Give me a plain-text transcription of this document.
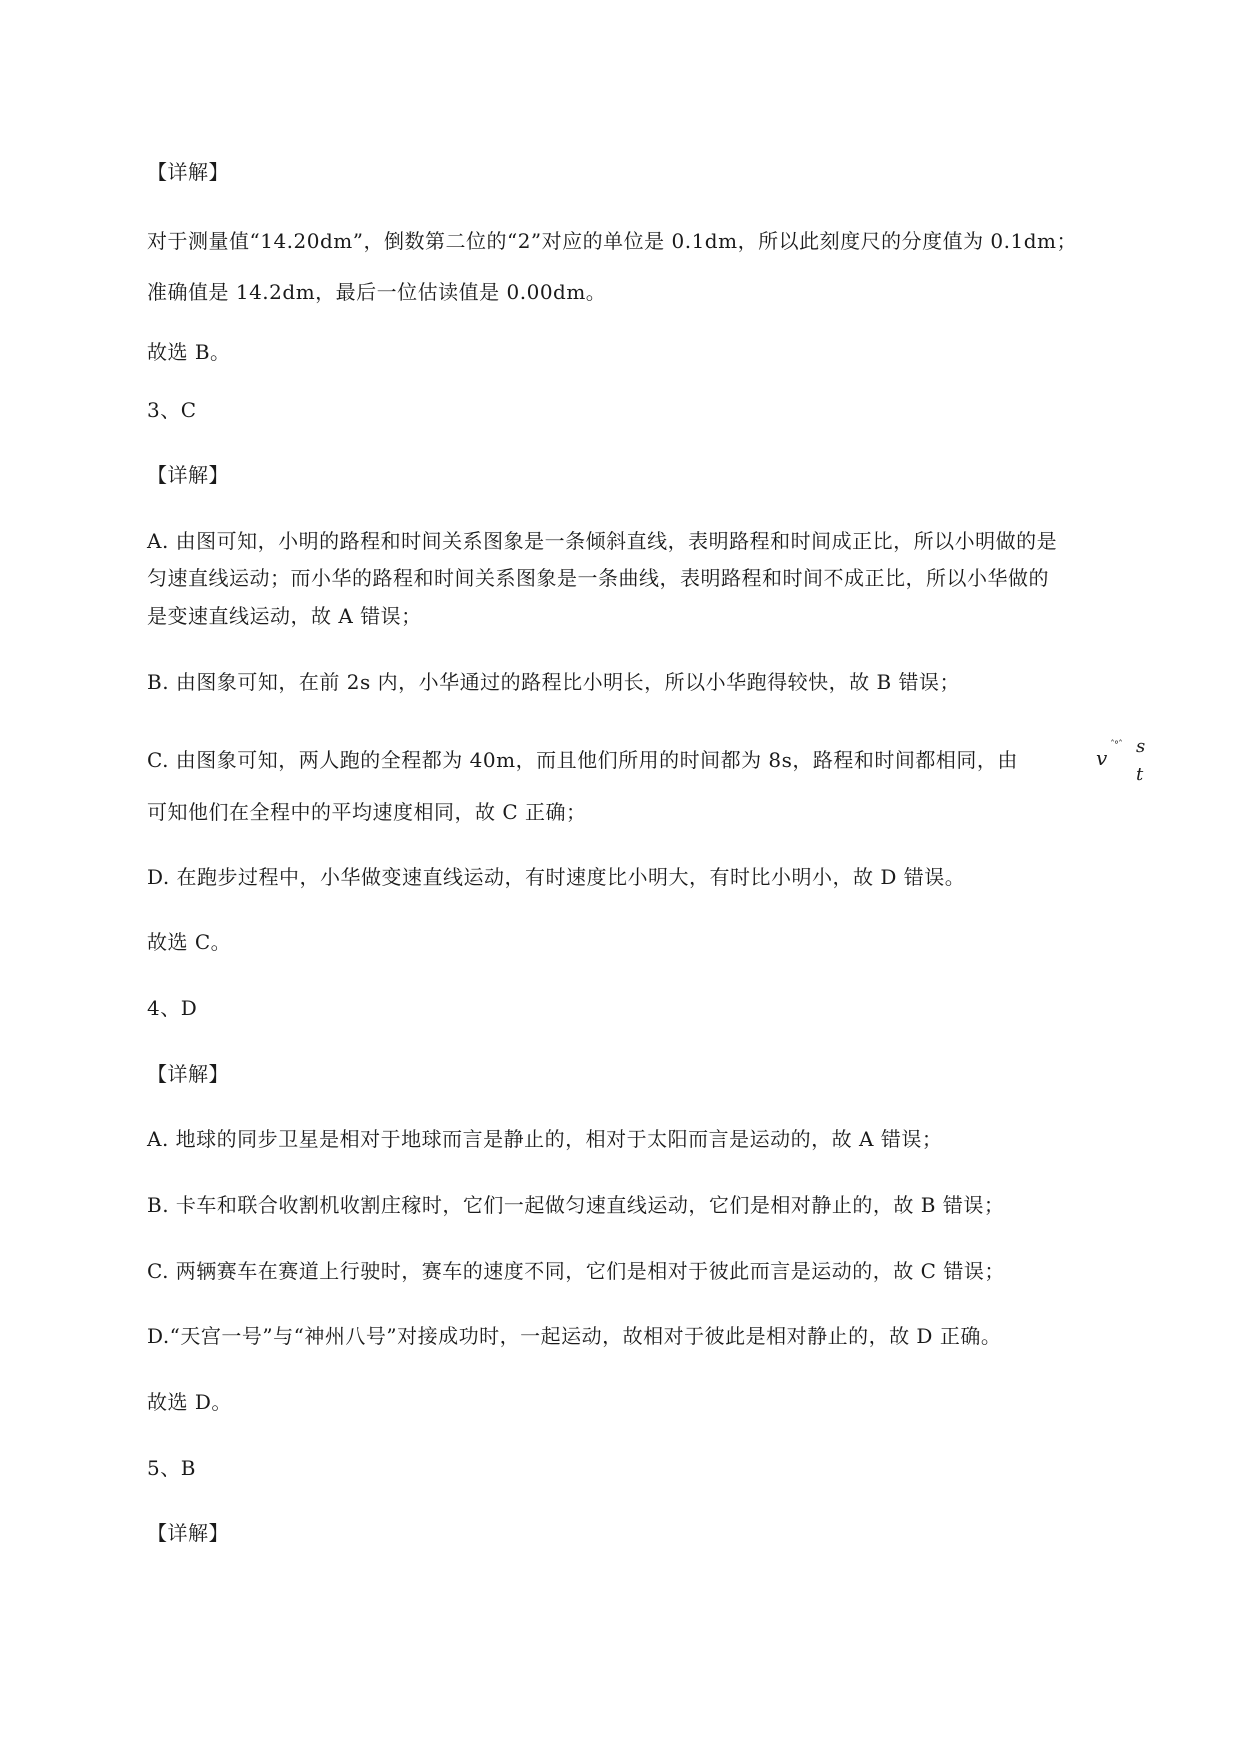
【详解】
对于测量值“14.20dm”，倒数第二位的“2”对应的单位是 0.1dm，所以此刻度尺的分度值为 0.1dm；
准确值是 14.2dm，最后一位估读值是 0.00dm。
故选 B。
3、C
【详解】
A. 由图可知，小明的路程和时间关系图象是一条倾斜直线，表明路程和时间成正比，所以小明做的是
匀速直线运动；而小华的路程和时间关系图象是一条曲线，表明路程和时间不成正比，所以小华做的
是变速直线运动，故 A 错误；
B. 由图象可知，在前 2s 内，小华通过的路程比小明长，所以小华跑得较快，故 B 错误；
C. 由图象可知，两人跑的全程都为 40m，而且他们所用的时间都为 8s，路程和时间都相同，由	v
ˆ°ˆ s
t
可知他们在全程中的平均速度相同，故 C 正确；
D. 在跑步过程中，小华做变速直线运动，有时速度比小明大，有时比小明小，故 D 错误。
故选 C。
4、D
【详解】
A. 地球的同步卫星是相对于地球而言是静止的，相对于太阳而言是运动的，故 A 错误；
B. 卡车和联合收割机收割庄稼时，它们一起做匀速直线运动，它们是相对静止的，故 B 错误；
C. 两辆赛车在赛道上行驶时，赛车的速度不同，它们是相对于彼此而言是运动的，故 C 错误；
D.“天宫一号”与“神州八号”对接成功时，一起运动，故相对于彼此是相对静止的，故 D 正确。
故选 D。
5、B
【详解】
